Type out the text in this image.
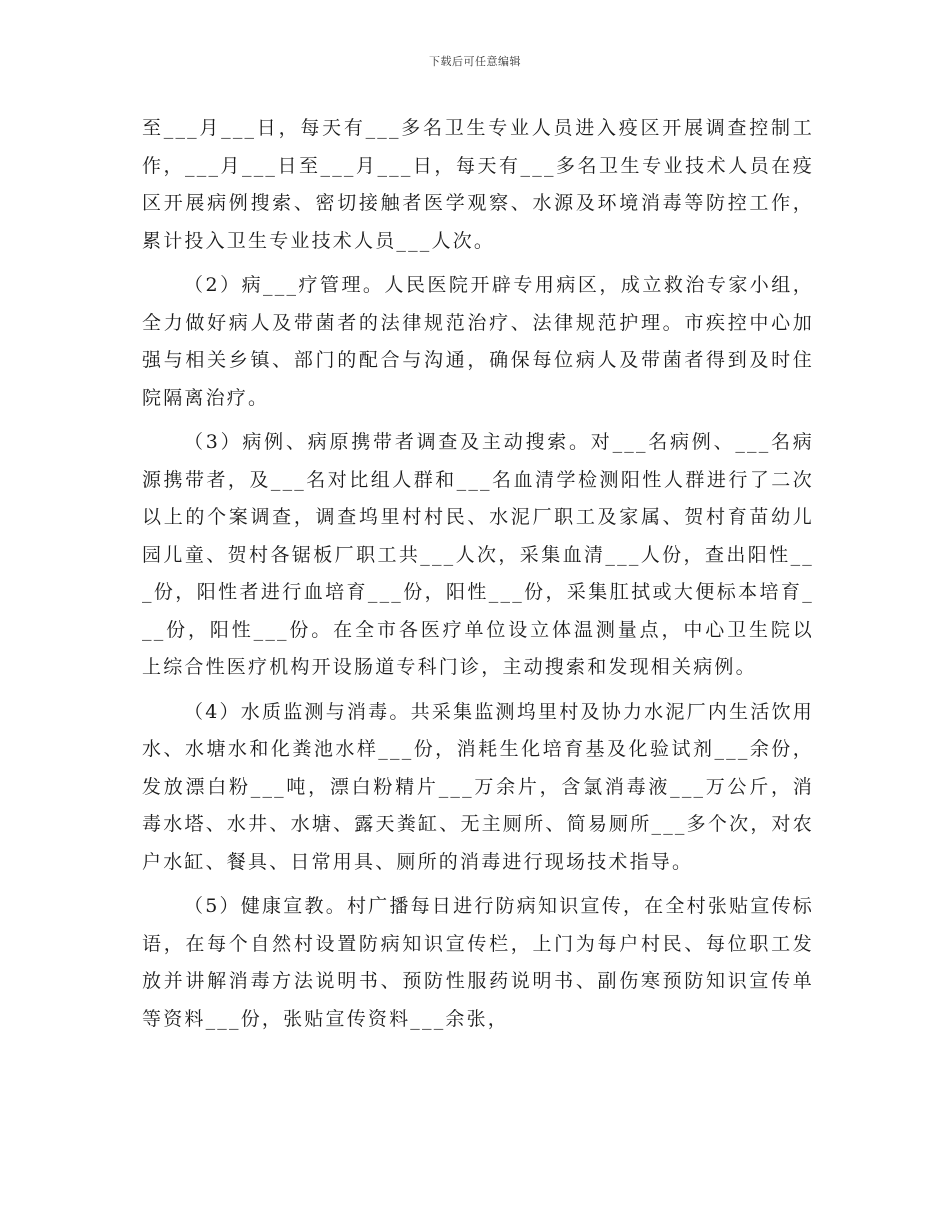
下载后可任意编辑

至___月___日，每天有___多名卫生专业人员进入疫区开展调查控制工作，___月___日至___月___日，每天有___多名卫生专业技术人员在疫区开展病例搜索、密切接触者医学观察、水源及环境消毒等防控工作，累计投入卫生专业技术人员___人次。

（2）病___疗管理。人民医院开辟专用病区，成立救治专家小组，全力做好病人及带菌者的法律规范治疗、法律规范护理。市疾控中心加强与相关乡镇、部门的配合与沟通，确保每位病人及带菌者得到及时住院隔离治疗。

（3）病例、病原携带者调查及主动搜索。对___名病例、___名病源携带者，及___名对比组人群和___名血清学检测阳性人群进行了二次以上的个案调查，调查坞里村村民、水泥厂职工及家属、贺村育苗幼儿园儿童、贺村各锯板厂职工共___人次，采集血清___人份，查出阳性___份，阳性者进行血培育___份，阳性___份，采集肛拭或大便标本培育___份，阳性___份。在全市各医疗单位设立体温测量点，中心卫生院以上综合性医疗机构开设肠道专科门诊，主动搜索和发现相关病例。

（4）水质监测与消毒。共采集监测坞里村及协力水泥厂内生活饮用水、水塘水和化粪池水样___份，消耗生化培育基及化验试剂___余份，发放漂白粉___吨，漂白粉精片___万余片，含氯消毒液___万公斤，消毒水塔、水井、水塘、露天粪缸、无主厕所、简易厕所___多个次，对农户水缸、餐具、日常用具、厕所的消毒进行现场技术指导。

（5）健康宣教。村广播每日进行防病知识宣传，在全村张贴宣传标语，在每个自然村设置防病知识宣传栏，上门为每户村民、每位职工发放并讲解消毒方法说明书、预防性服药说明书、副伤寒预防知识宣传单等资料___份，张贴宣传资料___余张，
